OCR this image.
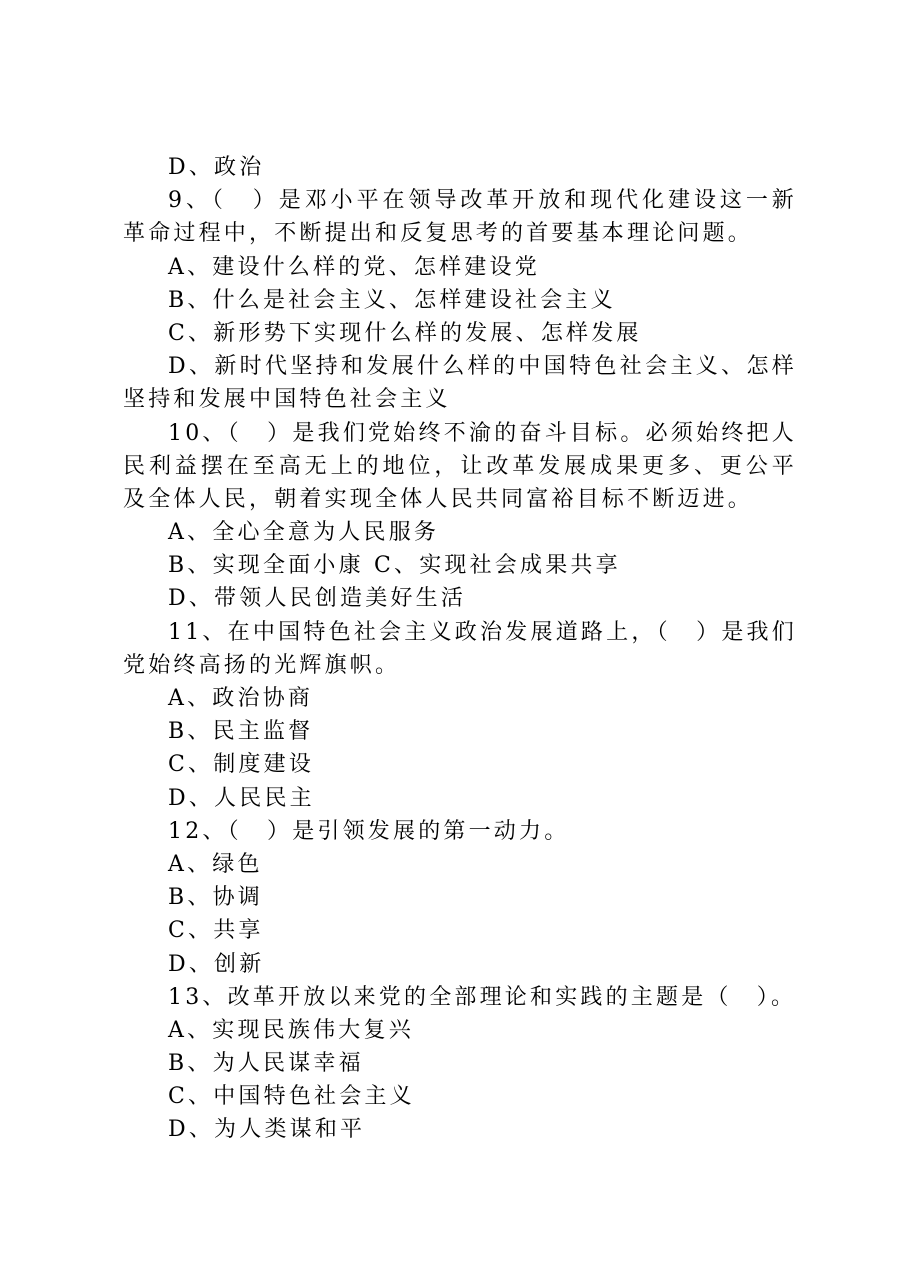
D、政治
9、（　）是邓小平在领导改革开放和现代化建设这一新
革命过程中，不断提出和反复思考的首要基本理论问题。
A、建设什么样的党、怎样建设党
B、什么是社会主义、怎样建设社会主义
C、新形势下实现什么样的发展、怎样发展
D、新时代坚持和发展什么样的中国特色社会主义、怎样
坚持和发展中国特色社会主义
10、（　）是我们党始终不渝的奋斗目标。必须始终把人
民利益摆在至高无上的地位，让改革发展成果更多、更公平
及全体人民，朝着实现全体人民共同富裕目标不断迈进。
A、全心全意为人民服务
B、实现全面小康 C、实现社会成果共享
D、带领人民创造美好生活
11、在中国特色社会主义政治发展道路上，（　）是我们
党始终高扬的光辉旗帜。
A、政治协商
B、民主监督
C、制度建设
D、人民民主
12、（　）是引领发展的第一动力。
A、绿色
B、协调
C、共享
D、创新
13、改革开放以来党的全部理论和实践的主题是（　）。
A、实现民族伟大复兴
B、为人民谋幸福
C、中国特色社会主义
D、为人类谋和平
